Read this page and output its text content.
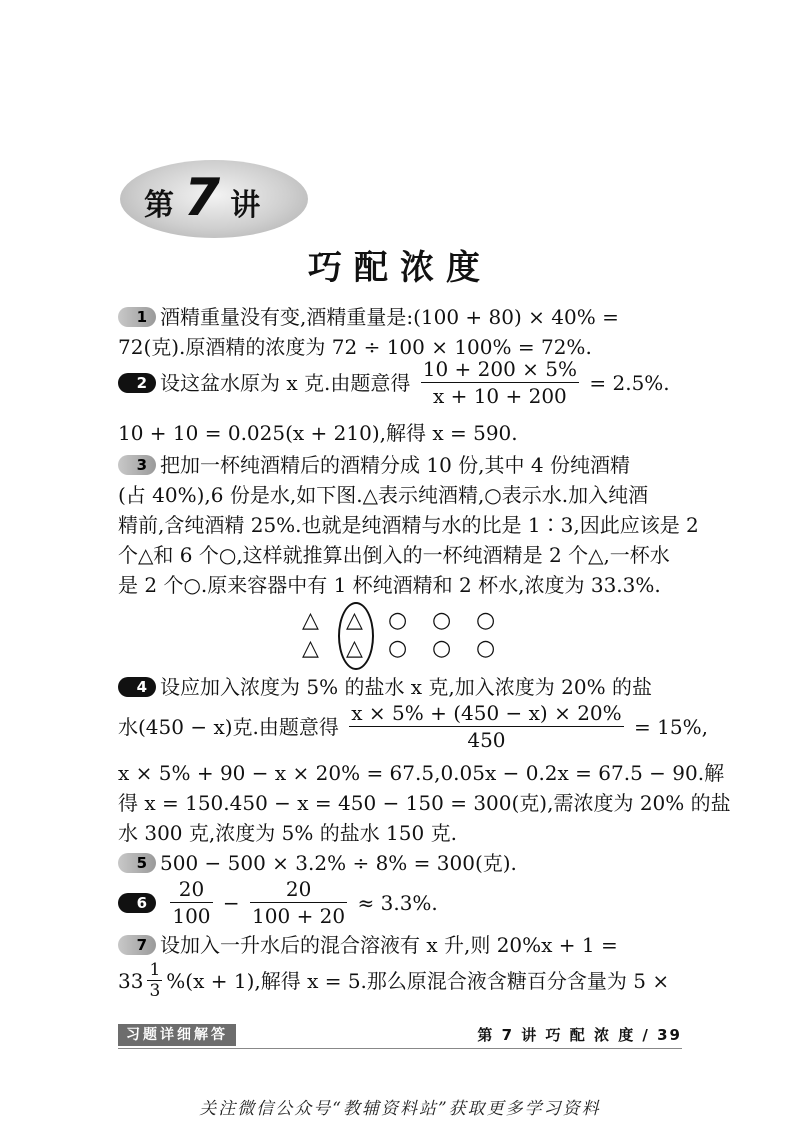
第 7 讲
巧配浓度
1 酒精重量没有变,酒精重量是:(100 + 80) × 40% =
72(克).原酒精的浓度为 72 ÷ 100 × 100% = 72%.
2 设这盆水原为 x 克.由题意得 $\frac{10 + 200 \times 5\%}{x + 10 + 200} = 2.5\%$.
10 + 10 = 0.025(x + 210),解得 x = 590.
3 把加一杯纯酒精后的酒精分成 10 份,其中 4 份纯酒精
(占 40%),6 份是水,如下图.△表示纯酒精,○表示水.加入纯酒
精前,含纯酒精 25%.也就是纯酒精与水的比是 1∶3,因此应该是 2
个△和 6 个○,这样就推算出倒入的一杯纯酒精是 2 个△,一杯水
是 2 个○.原来容器中有 1 杯纯酒精和 2 杯水,浓度为 33.3%.
△ △ ○ ○ ○
△ △ ○ ○ ○
4 设应加入浓度为 5% 的盐水 x 克,加入浓度为 20% 的盐
水(450 − x)克.由题意得 $\frac{x \times 5\% + (450 - x) \times 20\%}{450} = 15\%$,
x × 5% + 90 − x × 20% = 67.5,0.05x − 0.2x = 67.5 − 90.解
得 x = 150.450 − x = 450 − 150 = 300(克),需浓度为 20% 的盐
水 300 克,浓度为 5% 的盐水 150 克.
5 500 − 500 × 3.2% ÷ 8% = 300(克).
$6 \frac{20}{100} - \frac{20}{100 + 20} \approx 3.3\%$.
7 设加入一升水后的混合溶液有 x 升,则 20%x + 1 =
$33 \frac{1}{3} \%(x + 1)$,解得 x = 5.那么原混合液含糖百分含量为 5 ×
习题详细解答	第 7 讲 巧 配 浓 度 / 39
关注微信公众号“教辅资料站”获取更多学习资料
